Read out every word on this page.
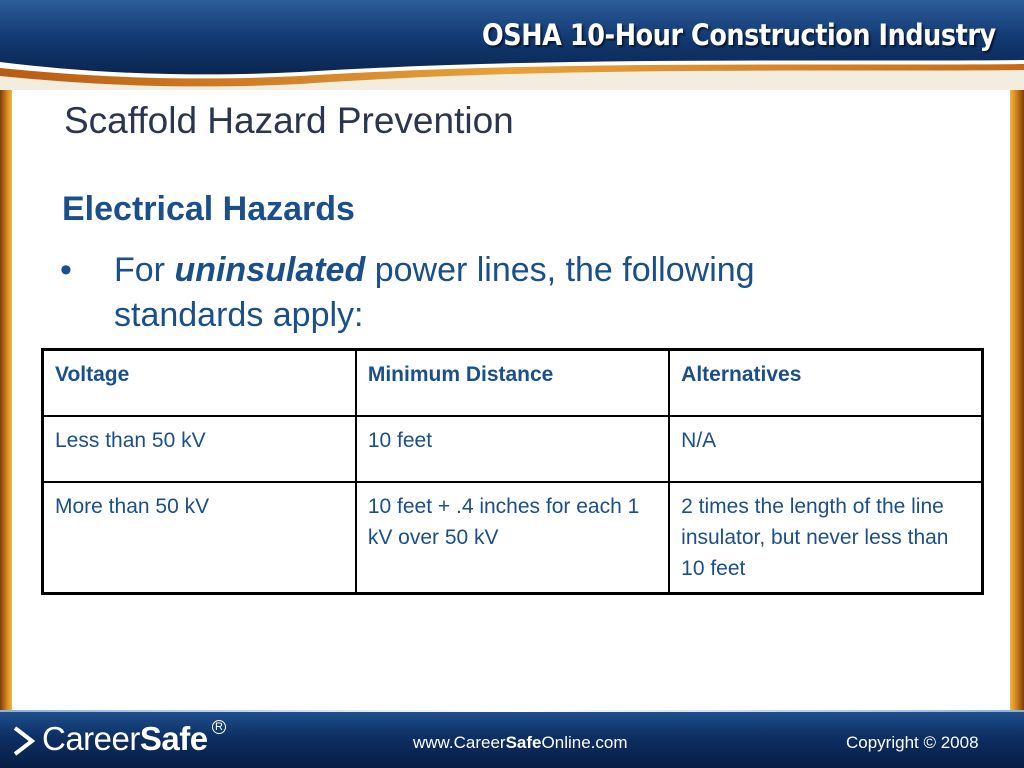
OSHA 10-Hour Construction Industry
Scaffold Hazard Prevention
Electrical Hazards
• For uninsulated power lines, the following standards apply:
Voltage	Minimum Distance	Alternatives
Less than 50 kV	10 feet	N/A
More than 50 kV	10 feet + .4 inches for each 1 kV over 50 kV	2 times the length of the line insulator, but never less than 10 feet
CareerSafe R
www.CareerSafeOnline.com	Copyright © 2008
